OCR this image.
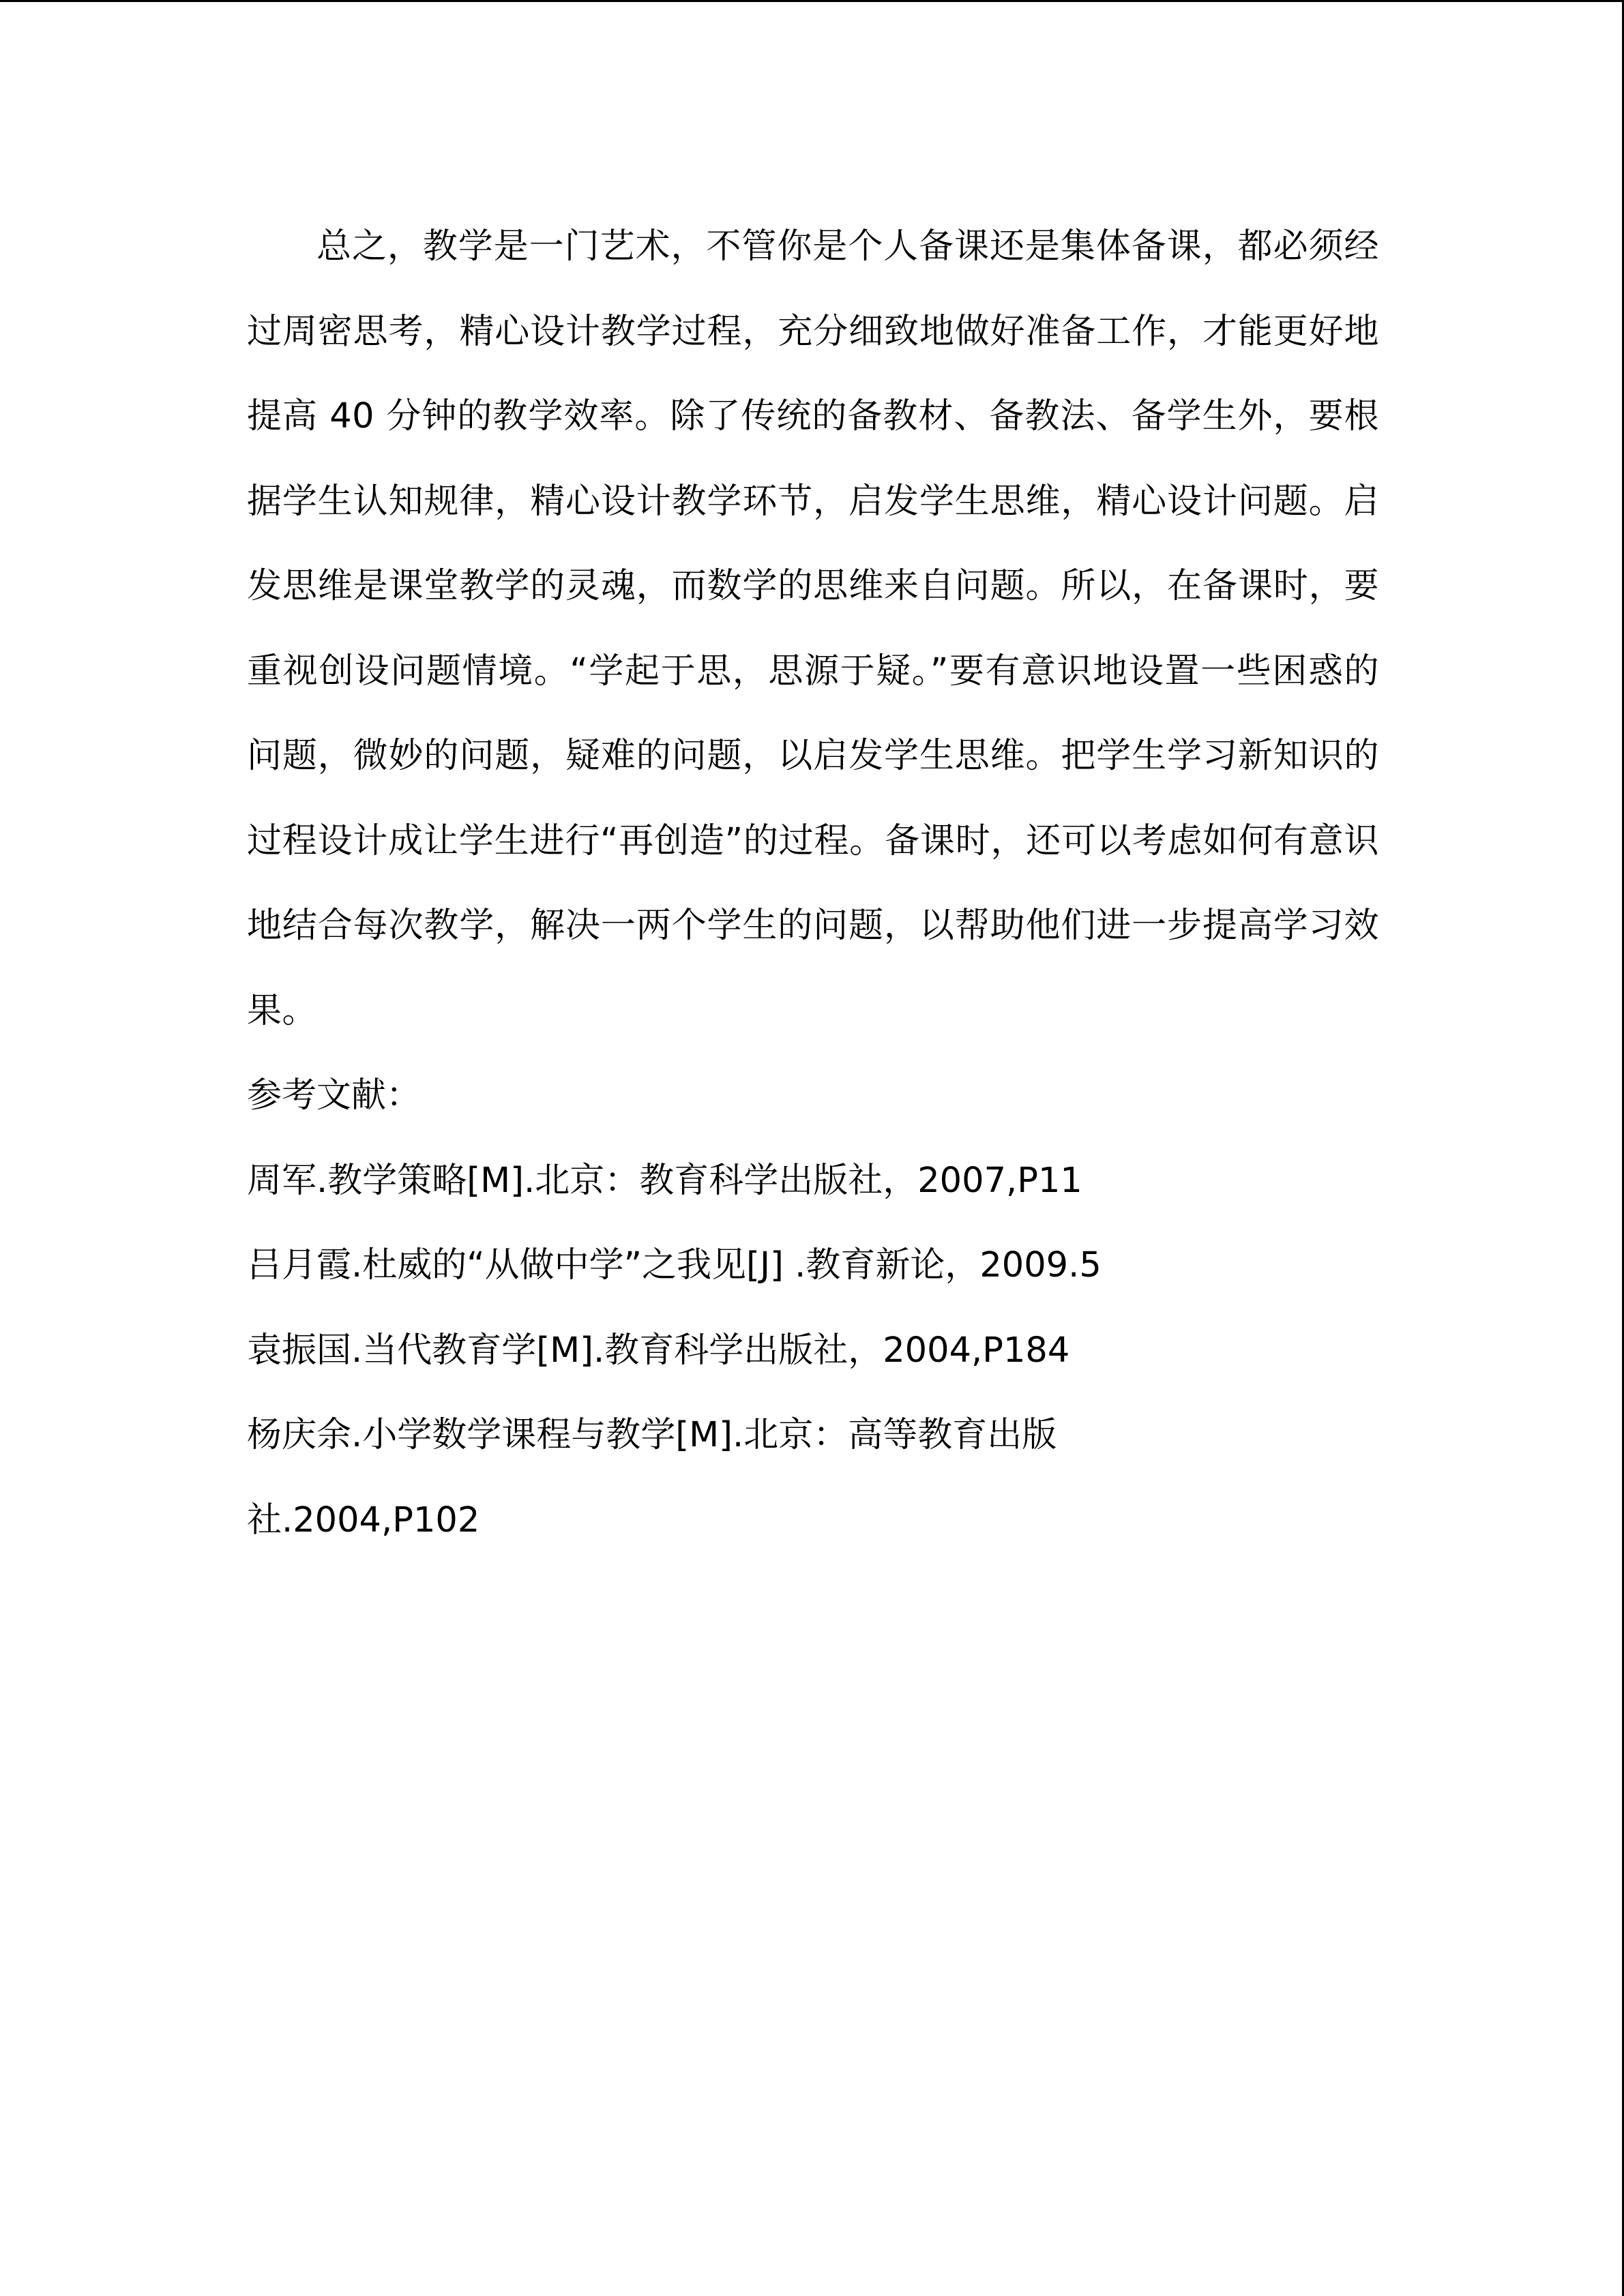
总之，教学是一门艺术，不管你是个人备课还是集体备课，都必须经过周密思考，精心设计教学过程，充分细致地做好准备工作，才能更好地提高 40 分钟的教学效率。除了传统的备教材、备教法、备学生外，要根据学生认知规律，精心设计教学环节，启发学生思维，精心设计问题。启发思维是课堂教学的灵魂，而数学的思维来自问题。所以，在备课时，要重视创设问题情境。“学起于思，思源于疑。”要有意识地设置一些困惑的问题，微妙的问题，疑难的问题，以启发学生思维。把学生学习新知识的过程设计成让学生进行“再创造”的过程。备课时，还可以考虑如何有意识地结合每次教学，解决一两个学生的问题，以帮助他们进一步提高学习效果。

参考文献：

周军.教学策略[M].北京：教育科学出版社，2007,P11
吕月霞.杜威的“从做中学”之我见[J] .教育新论，2009.5
袁振国.当代教育学[M].教育科学出版社，2004,P184
杨庆余.小学数学课程与教学[M].北京：高等教育出版
社.2004,P102
